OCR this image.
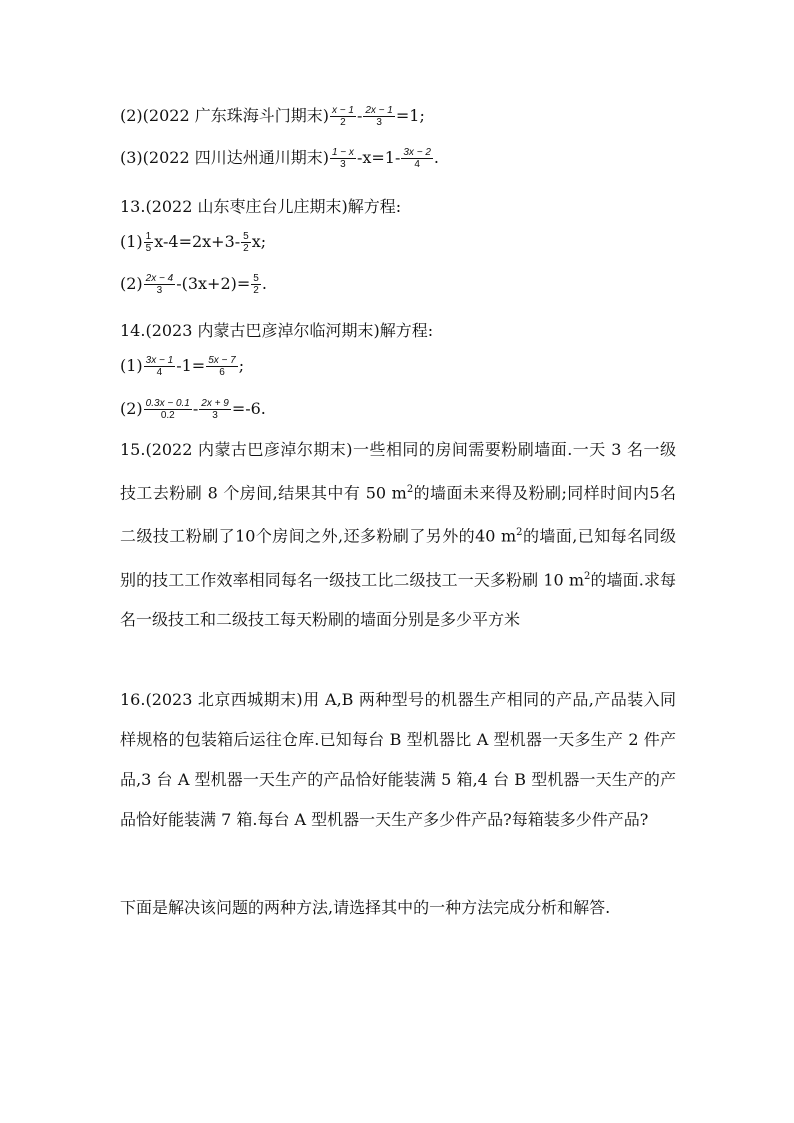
(2)(2022 广东珠海斗门期末) $\frac{x - 1}{2} - \frac{2x - 1}{3} =1$;
(3)(2022 四川达州通川期末) $\frac{1 - x}{3} -x=1- \frac{3x - 2}{4}$ .
13.(2022 山东枣庄台儿庄期末)解方程:
$(1) \frac{1}{5} x-4=2x+3- \frac{5}{2} x$;
$(2) \frac{2x - 4}{3} -(3x+2)= \frac{5}{2}$ .
14.(2023 内蒙古巴彦淖尔临河期末)解方程:
$(1) \frac{3x - 1}{4} -1= \frac{5x - 7}{6}$ ;
$(2) \frac{0.3x - 0.1}{0.2} - \frac{2x + 9}{3} =-6$.
15.(2022 内蒙古巴彦淖尔期末)一些相同的房间需要粉刷墙面.一天 3 名一级技工去粉刷 8 个房间,结果其中有 50 $m^2$的墙面未来得及粉刷;同样时间内5名二级技工粉刷了10个房间之外,还多粉刷了另外的40 $m^2$的墙面,已知每名同级别的技工工作效率相同每名一级技工比二级技工一天多粉刷 10 $m^2$的墙面.求每名一级技工和二级技工每天粉刷的墙面分别是多少平方米
16.(2023 北京西城期末)用 A,B 两种型号的机器生产相同的产品,产品装入同样规格的包装箱后运往仓库.已知每台 B 型机器比 A 型机器一天多生产 2 件产品,3 台 A 型机器一天生产的产品恰好能装满 5 箱,4 台 B 型机器一天生产的产品恰好能装满 7 箱.每台 A 型机器一天生产多少件产品?每箱装多少件产品?
下面是解决该问题的两种方法,请选择其中的一种方法完成分析和解答.
